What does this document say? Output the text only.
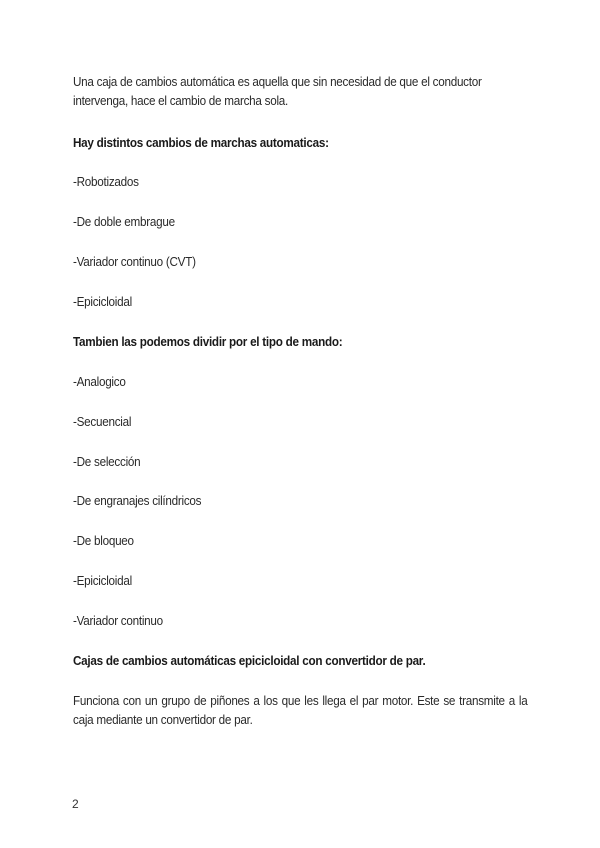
Una caja de cambios automática es aquella que sin necesidad de que el conductor intervenga, hace el cambio de marcha sola.
Hay distintos cambios de marchas automaticas:
-Robotizados
-De doble embrague
-Variador continuo (CVT)
-Epicicloidal
Tambien las podemos dividir por el tipo de mando:
-Analogico
-Secuencial
-De selección
-De engranajes cilíndricos
-De bloqueo
-Epicicloidal
-Variador continuo
Cajas de cambios automáticas epicicloidal con convertidor de par.
Funciona con un grupo de piñones a los que les llega el par motor. Este se transmite a la caja mediante un convertidor de par.
2
